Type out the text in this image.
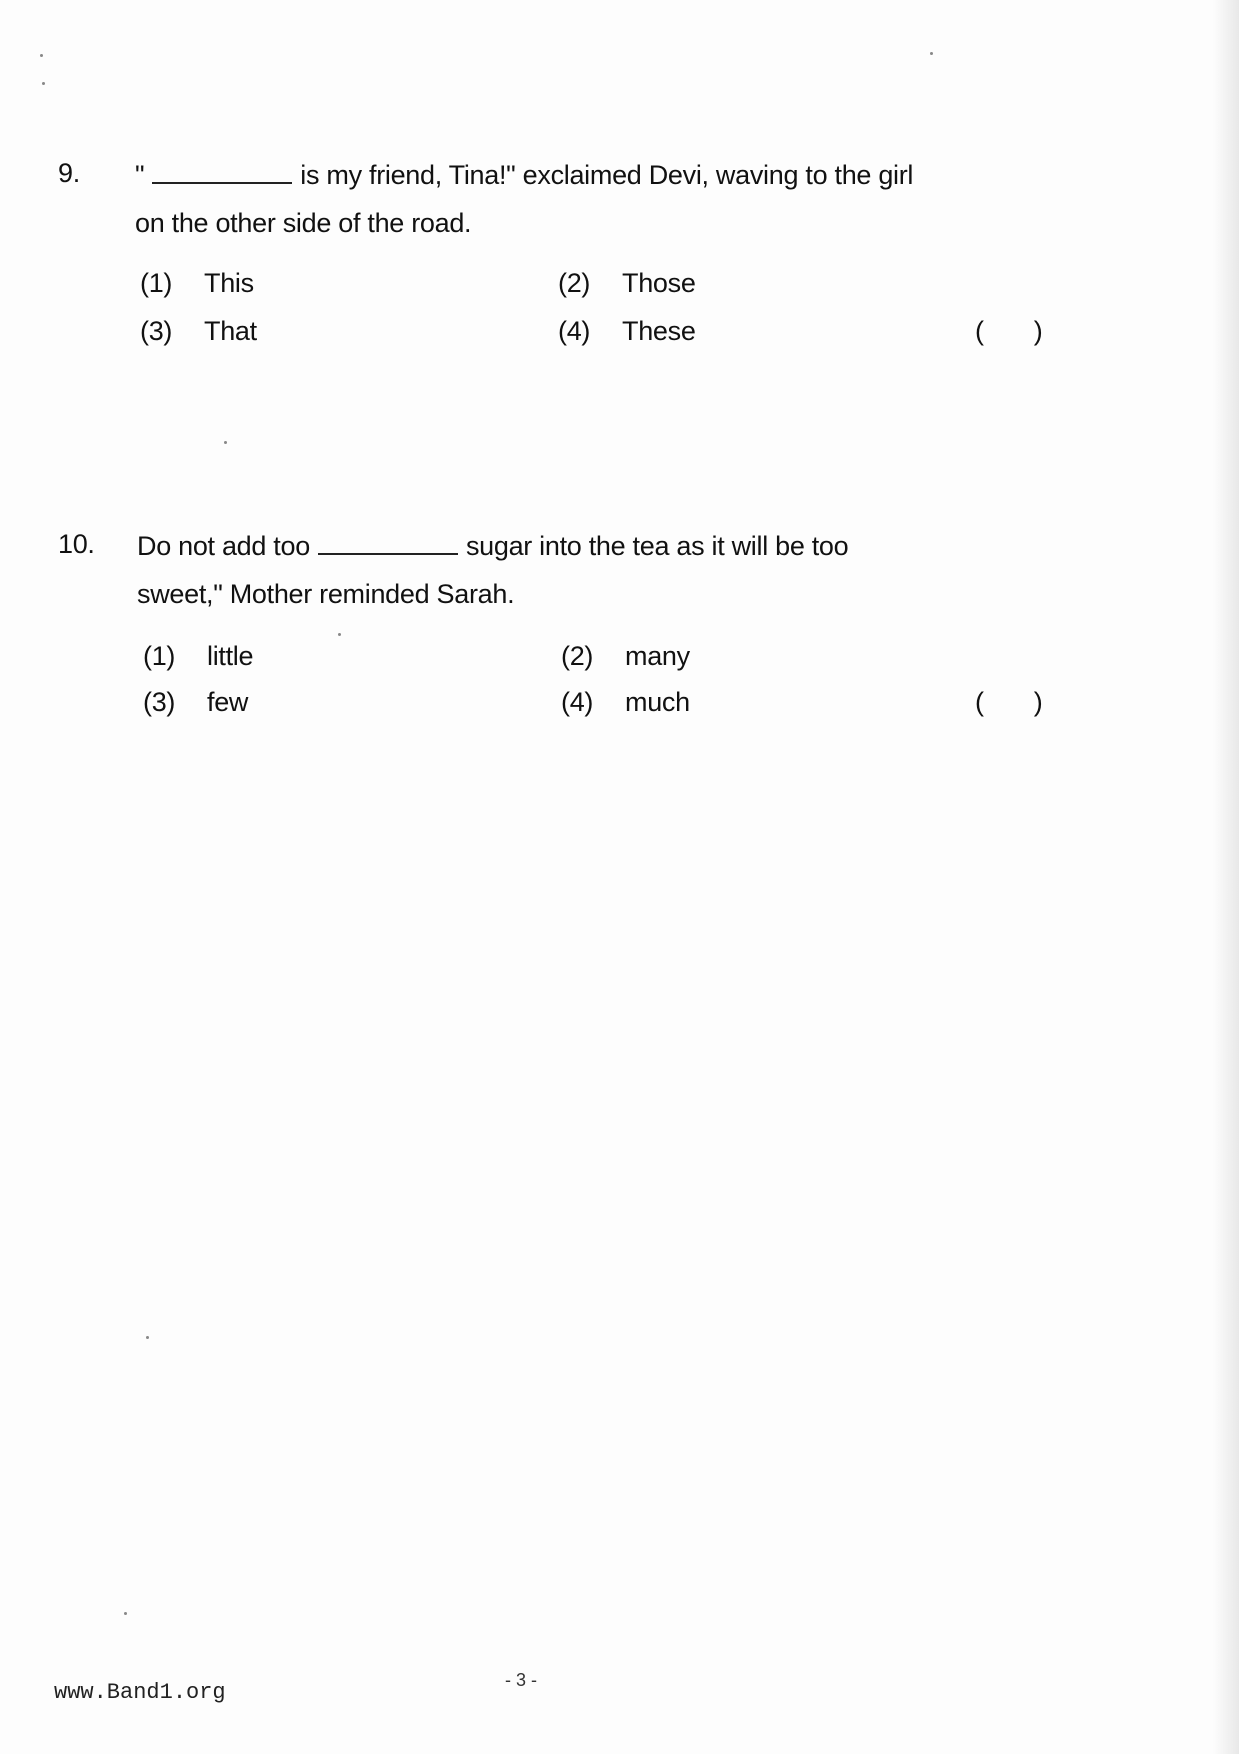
9. "	is my friend, Tina!" exclaimed Devi, waving to the girl
on the other side of the road.
(1) This	(2) Those
(3) That	(4) These	( )
10. Do not add too	sugar into the tea as it will be too
sweet," Mother reminded Sarah.
(1) little	(2) many
(3) few	(4) much	( )
- 3 -
www.Band1.org
